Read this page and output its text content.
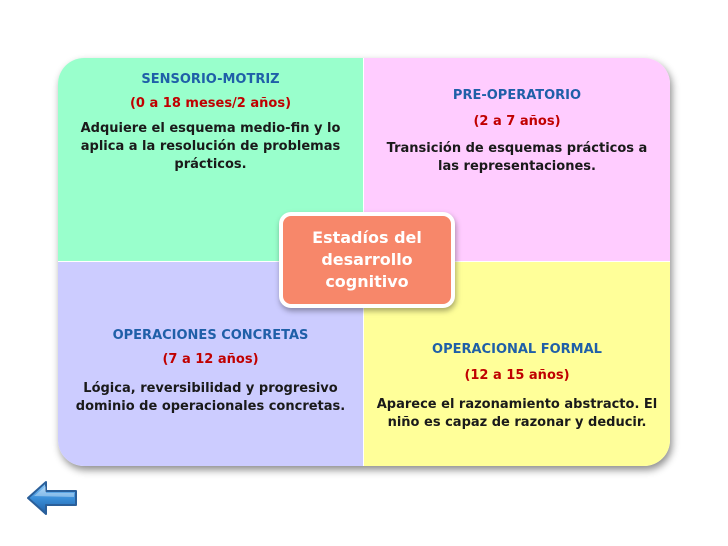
SENSORIO-MOTRIZ
(0 a 18 meses/2 años)
Adquiere el esquema medio-fin y lo aplica a la resolución de problemas prácticos.
PRE-OPERATORIO
(2 a 7 años)
Transición de esquemas prácticos a las representaciones.
OPERACIONES CONCRETAS
(7 a 12 años)
Lógica, reversibilidad y progresivo dominio de operacionales concretas.
OPERACIONAL FORMAL
(12 a 15 años)
Aparece el razonamiento abstracto. El niño es capaz de razonar y deducir.
Estadíos del desarrollo cognitivo
